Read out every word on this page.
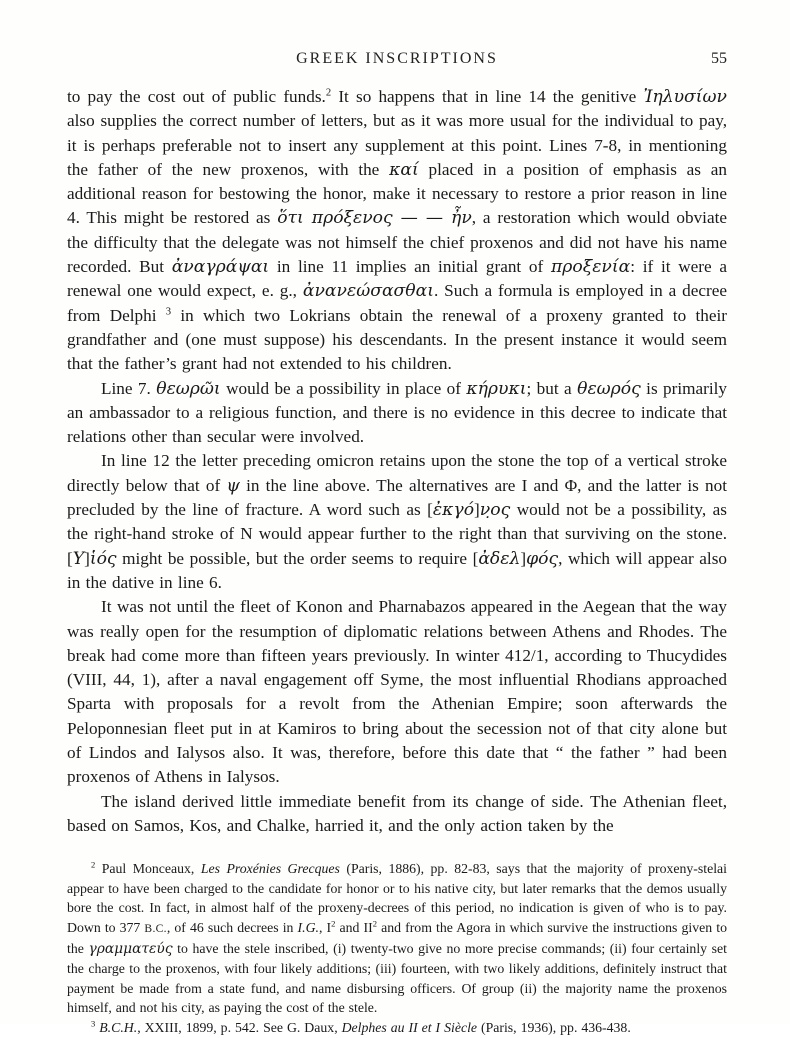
GREEK INSCRIPTIONS	55

to pay the cost out of public funds.$^2$ It so happens that in line 14 the genitive Ἰηλυσίων also supplies the correct number of letters, but as it was more usual for the individual to pay, it is perhaps preferable not to insert any supplement at this point. Lines 7-8, in mentioning the father of the new proxenos, with the καί placed in a position of emphasis as an additional reason for bestowing the honor, make it necessary to restore a prior reason in line 4. This might be restored as ὅτι πρόξενος — — ἦν, a restoration which would obviate the difficulty that the delegate was not himself the chief proxenos and did not have his name recorded. But ἀναγράψαι in line 11 implies an initial grant of προξενία: if it were a renewal one would expect, e. g., ἀνανεώσασθαι. Such a formula is employed in a decree from Delphi $^3$ in which two Lokrians obtain the renewal of a proxeny granted to their grandfather and (one must suppose) his descendants. In the present instance it would seem that the father’s grant had not extended to his children.

Line 7. θεωρῶι would be a possibility in place of κήρυκι; but a θεωρός is primarily an ambassador to a religious function, and there is no evidence in this decree to indicate that relations other than secular were involved.

In line 12 the letter preceding omicron retains upon the stone the top of a vertical stroke directly below that of ψ in the line above. The alternatives are I and Φ, and the latter is not precluded by the line of fracture. A word such as [ἐκγό]ν̣ος would not be a possibility, as the right-hand stroke of N would appear further to the right than that surviving on the stone. [Υ]ἱός might be possible, but the order seems to require [ἀδελ]φός, which will appear also in the dative in line 6.

It was not until the fleet of Konon and Pharnabazos appeared in the Aegean that the way was really open for the resumption of diplomatic relations between Athens and Rhodes. The break had come more than fifteen years previously. In winter 412/1, according to Thucydides (VIII, 44, 1), after a naval engagement off Syme, the most influential Rhodians approached Sparta with proposals for a revolt from the Athenian Empire; soon afterwards the Peloponnesian fleet put in at Kamiros to bring about the secession not of that city alone but of Lindos and Ialysos also. It was, therefore, before this date that “ the father ” had been proxenos of Athens in Ialysos.

The island derived little immediate benefit from its change of side. The Athenian fleet, based on Samos, Kos, and Chalke, harried it, and the only action taken by the

$^2$ Paul Monceaux, Les Proxénies Grecques (Paris, 1886), pp. 82-83, says that the majority of proxeny-stelai appear to have been charged to the candidate for honor or to his native city, but later remarks that the demos usually bore the cost. In fact, in almost half of the proxeny-decrees of this period, no indication is given of who is to pay. Down to 377 B.C., of 46 such decrees in I.G., $I^2$ and $II^2$ and from the Agora in which survive the instructions given to the γραμματεύς to have the stele inscribed, (i) twenty-two give no more precise commands; (ii) four certainly set the charge to the proxenos, with four likely additions; (iii) fourteen, with two likely additions, definitely instruct that payment be made from a state fund, and name disbursing officers. Of group (ii) the majority name the proxenos himself, and not his city, as paying the cost of the stele.

$^3$ B.C.H., XXIII, 1899, p. 542. See G. Daux, Delphes au II et I Siècle (Paris, 1936), pp. 436-438.
